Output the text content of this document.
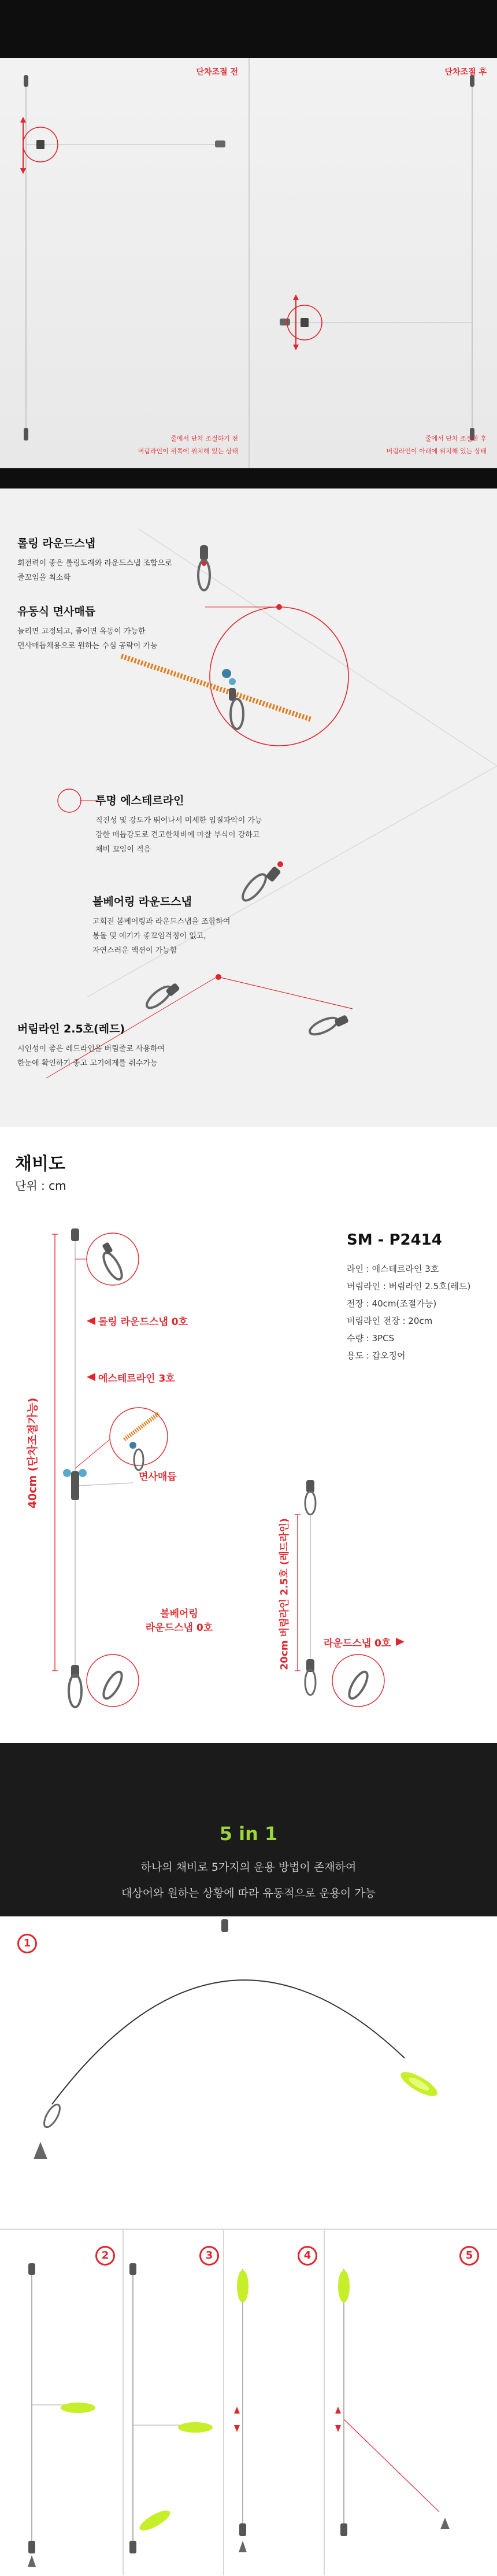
단차조절 전
줄에서 단차 조절하기 전
버림라인이 위쪽에 위치해 있는 상태
단차조절 후
줄에서 단차 조절한 후
버림라인이 아래에 위치해 있는 상태
롤링 라운드스냅

회전력이 좋은 롤링도래와 라운드스냅 조합으로
줄꼬임을 최소화

유동식 면사매듭

늘리면 고정되고, 줄이면 유동이 가능한
면사매듭채용으로 원하는 수심 공략이 가능

투명 에스테르라인

직진성 및 강도가 뛰어나서 미세한 입질파악이 가능
강한 매듭강도로 견고한채비에 마찰 부식이 강하고
채비 꼬임이 적음

볼베어링 라운드스냅

고회전 볼베어링과 라운드스냅을 조합하여
봉돌 및 에기가 좋꼬임걱정이 없고,
자연스러운 액션이 가능함

버림라인 2.5호(레드)

시인성이 좋은 레드라인을 버림줄로 사용하여
한눈에 확인하기 좋고 고기에게를 줘수가능

채비도
단위 : cm
롤링 라운드스냅 0호
에스테르라인 3호
면사매듭
볼베어링
라운드스냅 0호
라운드스냅 0호
40cm (단차조절가능)
20cm 버림라인 2.5호 (레드라인)
SM - P2414
라인 : 에스테르라인 3호
버림라인 : 버림라인 2.5호(레드)
전장 : 40cm(조절가능)
버림라인 전장 : 20cm
수량 : 3PCS
용도 : 갑오징어
5 in 1
하나의 채비로 5가지의 운용 방법이 존재하여
대상어와 원하는 상황에 따라 유동적으로 운용이 가능
1
2	3	4	5
